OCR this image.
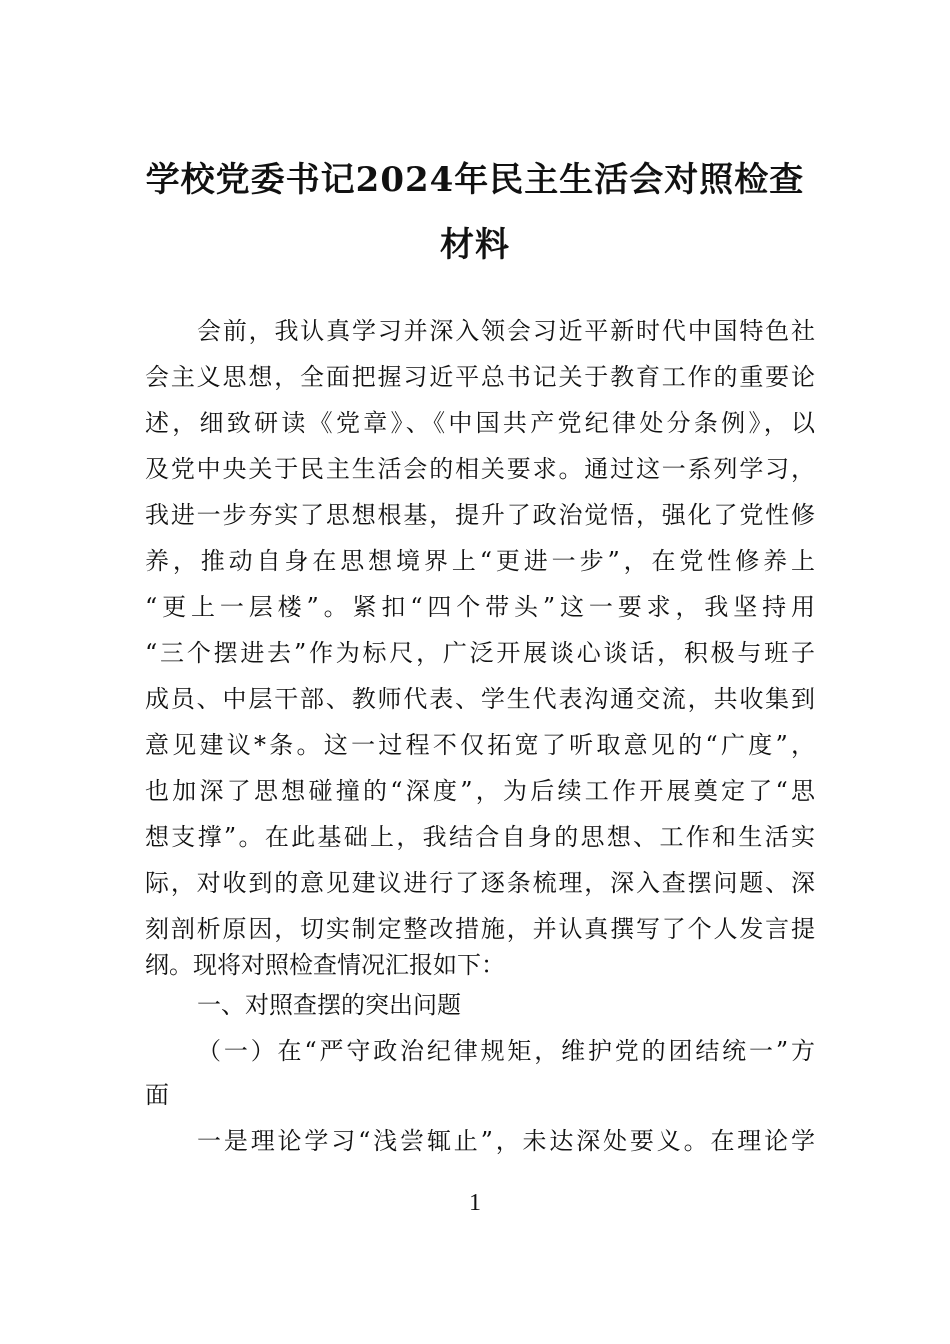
学校党委书记2024年民主生活会对照检查
材料
会前，我认真学习并深入领会习近平新时代中国特色社
会主义思想，全面把握习近平总书记关于教育工作的重要论
述，细致研读《党章》、《中国共产党纪律处分条例》，以
及党中央关于民主生活会的相关要求。通过这一系列学习，
我进一步夯实了思想根基，提升了政治觉悟，强化了党性修
养，推动自身在思想境界上“更进一步”，在党性修养上
“更上一层楼”。紧扣“四个带头”这一要求，我坚持用
“三个摆进去”作为标尺，广泛开展谈心谈话，积极与班子
成员、中层干部、教师代表、学生代表沟通交流，共收集到
意见建议*条。这一过程不仅拓宽了听取意见的“广度”，
也加深了思想碰撞的“深度”，为后续工作开展奠定了“思
想支撑”。在此基础上，我结合自身的思想、工作和生活实
际，对收到的意见建议进行了逐条梳理，深入查摆问题、深
刻剖析原因，切实制定整改措施，并认真撰写了个人发言提
纲。现将对照检查情况汇报如下：
一、对照查摆的突出问题
（一）在“严守政治纪律规矩，维护党的团结统一”方
面
一是理论学习“浅尝辄止”，未达深处要义。在理论学
1
